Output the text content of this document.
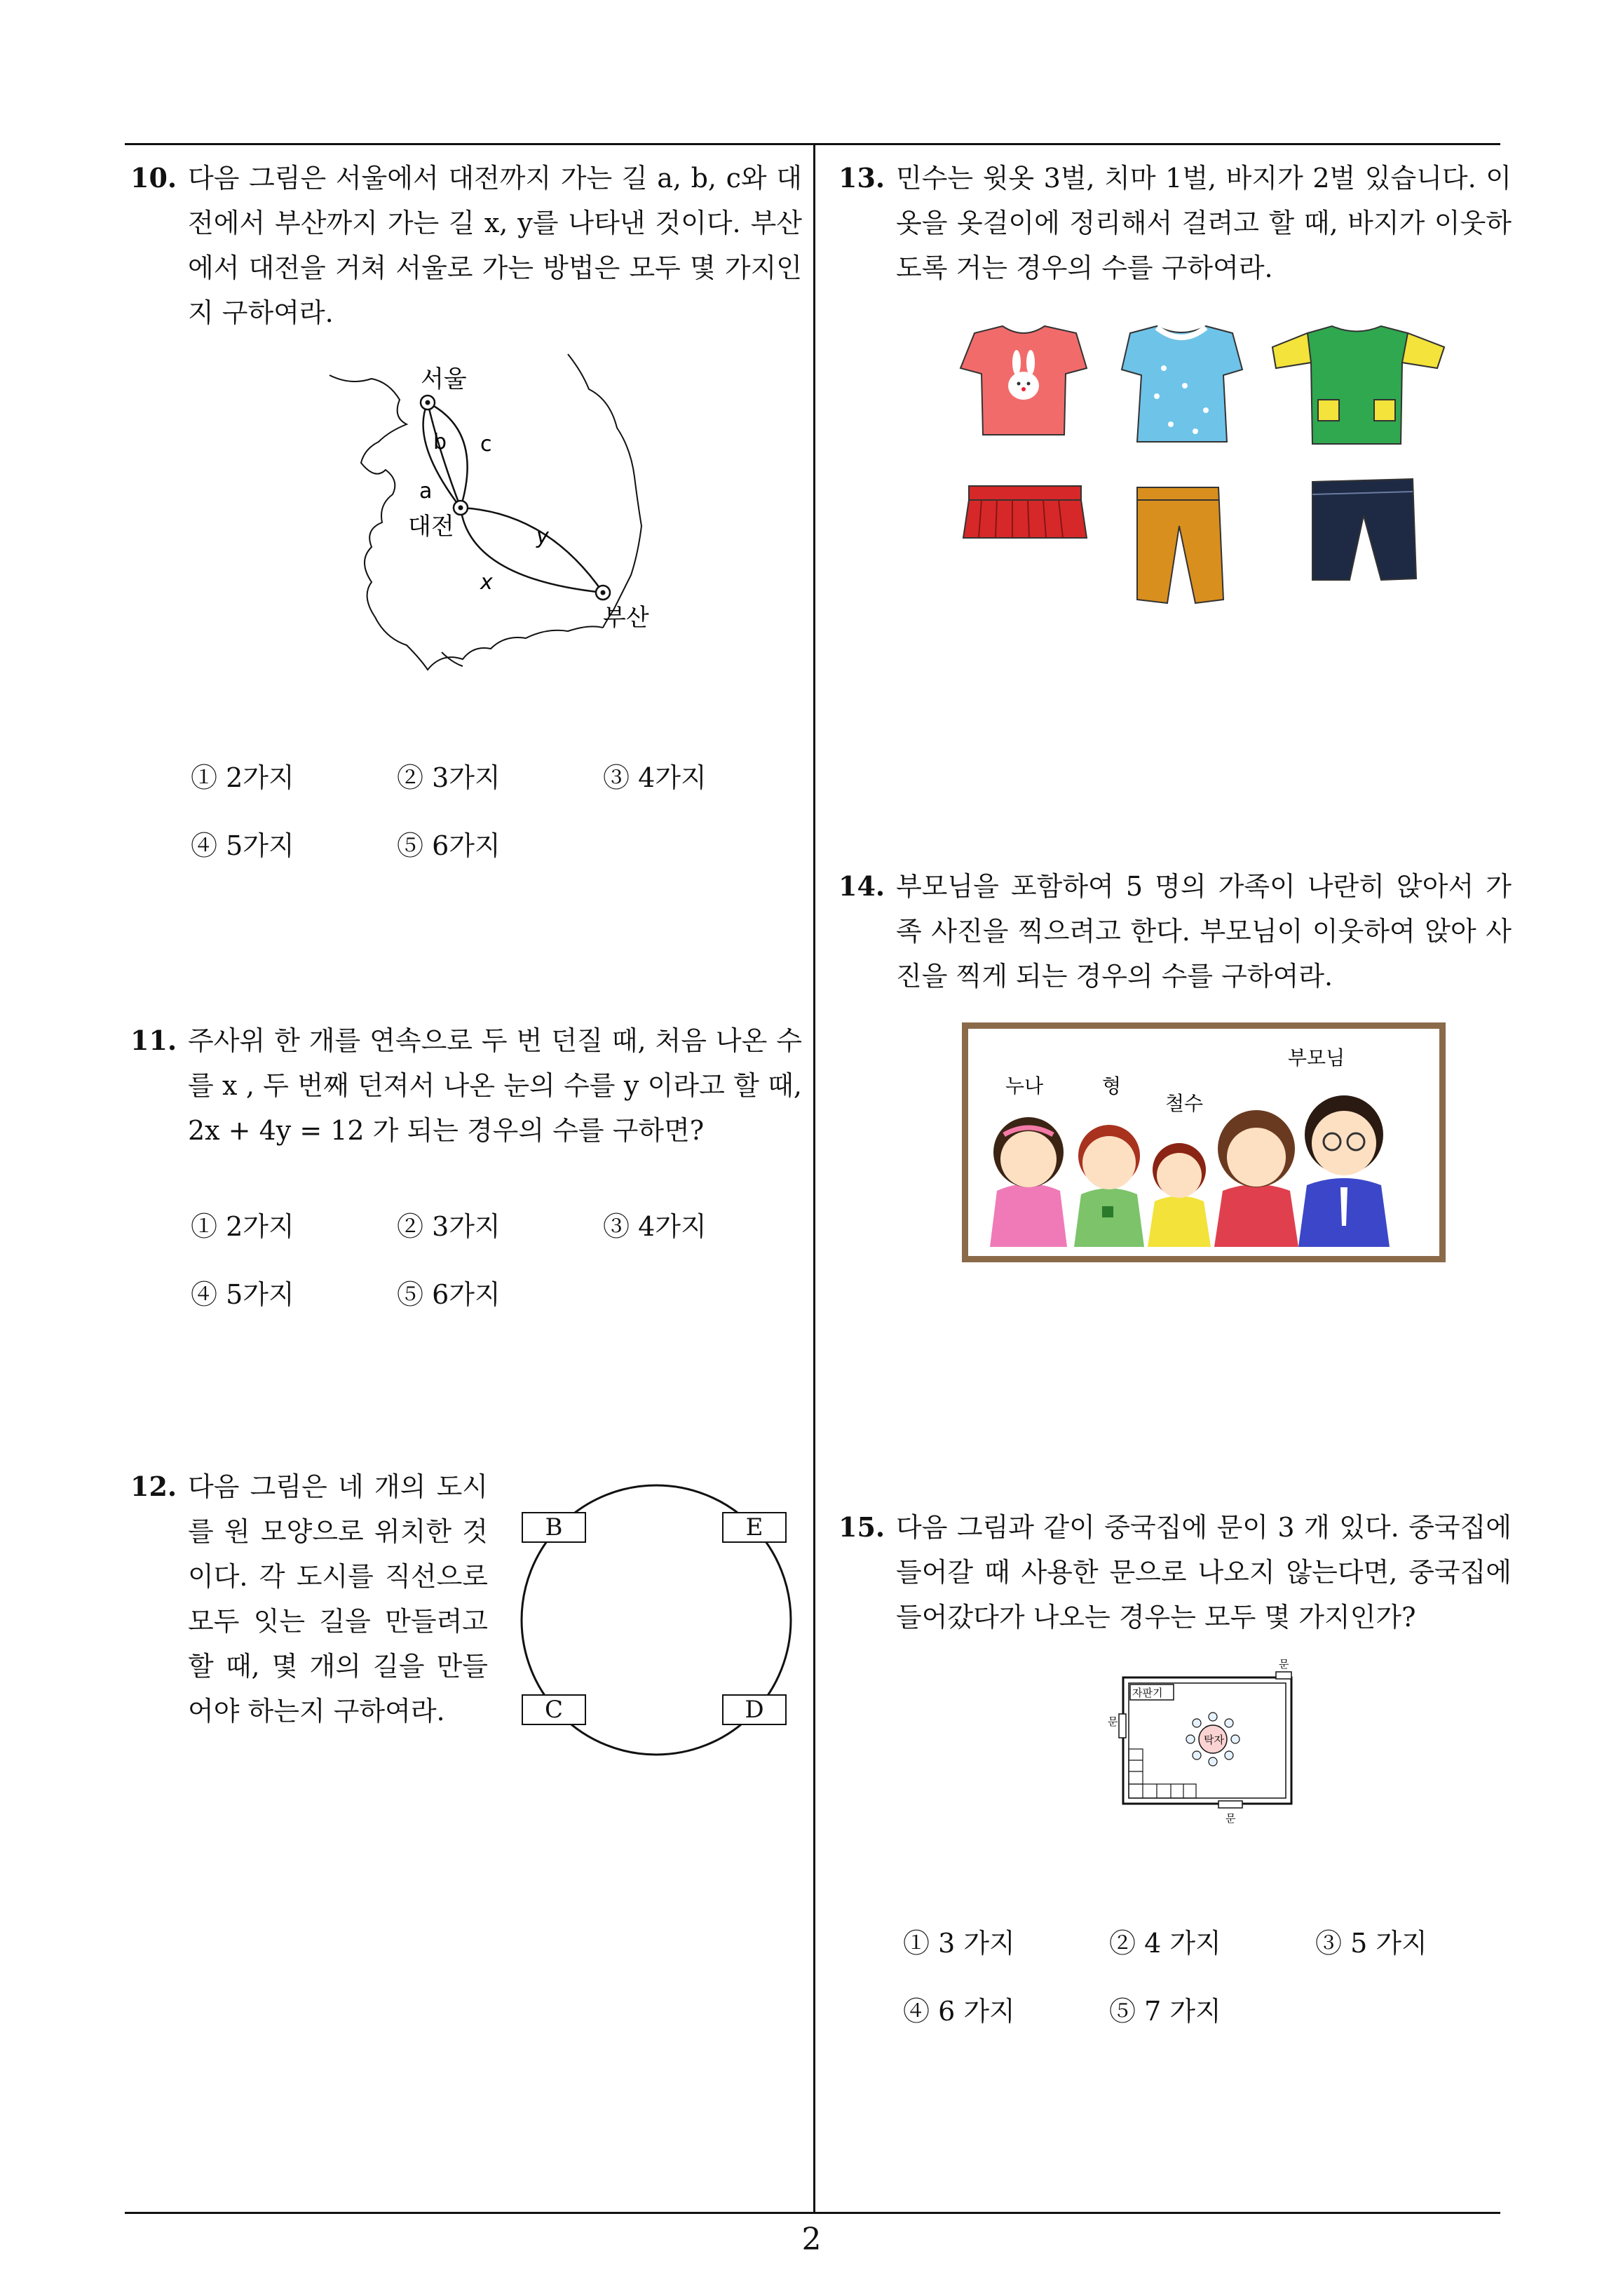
10. 다음 그림은 서울에서 대전까지 가는 길 a, b, c와 대전에서 부산까지 가는 길 x, y를 나타낸 것이다. 부산에서 대전을 거쳐 서울로 가는 방법은 모두 몇 가지인지 구하여라.
서울
대전
부산
a
b c
y
x
① 2가지	② 3가지	③ 4가지
④ 5가지	⑤ 6가지
11. 주사위 한 개를 연속으로 두 번 던질 때, 처음 나온 수를 x , 두 번째 던져서 나온 눈의 수를 y 이라고 할 때, 2x + 4y = 12 가 되는 경우의 수를 구하면?
① 2가지	② 3가지	③ 4가지
④ 5가지	⑤ 6가지
12. 다음 그림은 네 개의 도시를 원 모양으로 위치한 것이다. 각 도시를 직선으로 모두 잇는 길을 만들려고 할 때, 몇 개의 길을 만들어야 하는지 구하여라.
B	E
C	D
13. 민수는 윗옷 3벌, 치마 1벌, 바지가 2벌 있습니다. 이 옷을 옷걸이에 정리해서 걸려고 할 때, 바지가 이웃하도록 거는 경우의 수를 구하여라.
14. 부모님을 포함하여 5 명의 가족이 나란히 앉아서 가족 사진을 찍으려고 한다. 부모님이 이웃하여 앉아 사진을 찍게 되는 경우의 수를 구하여라.
누나	형
철수
부모님
15. 다음 그림과 같이 중국집에 문이 3 개 있다. 중국집에 들어갈 때 사용한 문으로 나오지 않는다면, 중국집에 들어갔다가 나오는 경우는 모두 몇 가지인가?
자판기
문
문
문
탁자
① 3 가지	② 4 가지	③ 5 가지
④ 6 가지	⑤ 7 가지
2
